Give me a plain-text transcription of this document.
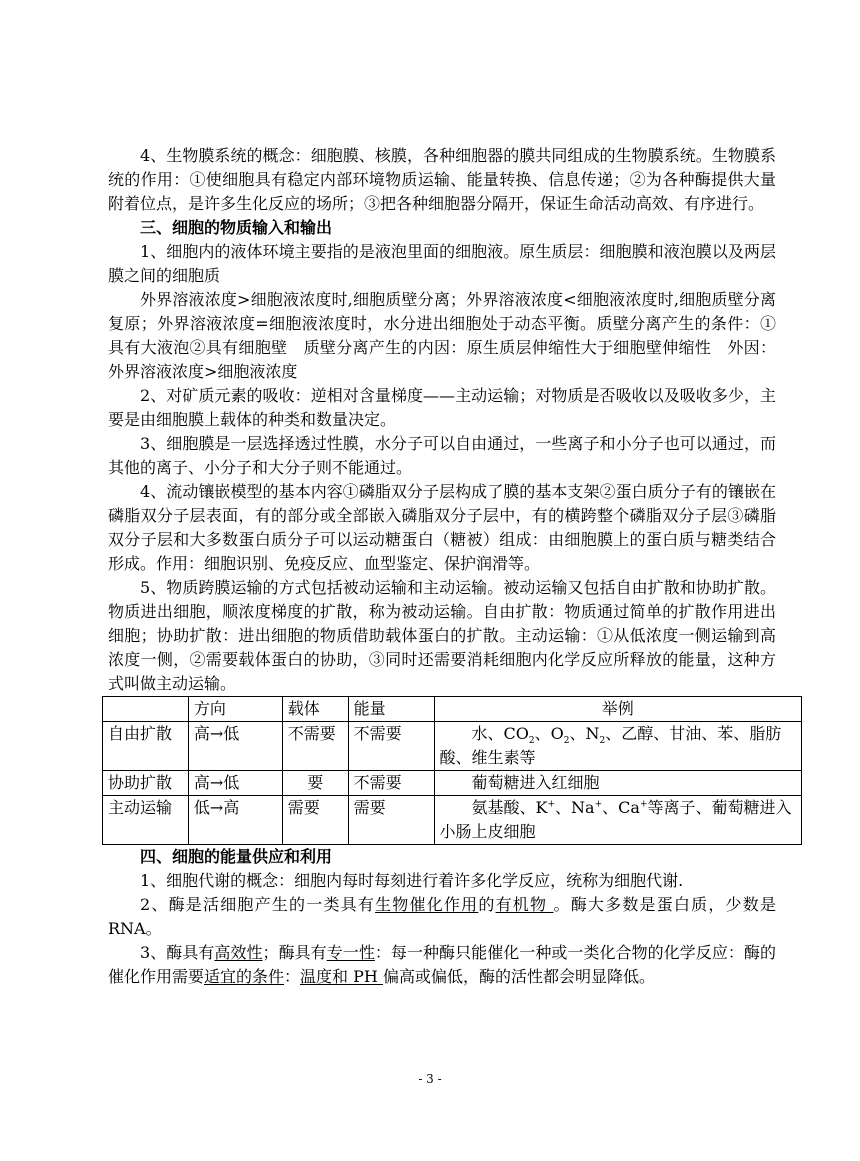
4、生物膜系统的概念：细胞膜、核膜，各种细胞器的膜共同组成的生物膜系统。生物膜系统的作用：①使细胞具有稳定内部环境物质运输、能量转换、信息传递；②为各种酶提供大量附着位点，是许多生化反应的场所；③把各种细胞器分隔开，保证生命活动高效、有序进行。

三、细胞的物质输入和输出

1、细胞内的液体环境主要指的是液泡里面的细胞液。原生质层：细胞膜和液泡膜以及两层膜之间的细胞质

外界溶液浓度>细胞液浓度时,细胞质壁分离；外界溶液浓度<细胞液浓度时,细胞质壁分离复原；外界溶液浓度=细胞液浓度时，水分进出细胞处于动态平衡。质壁分离产生的条件：①具有大液泡②具有细胞壁　质壁分离产生的内因：原生质层伸缩性大于细胞壁伸缩性　外因：外界溶液浓度>细胞液浓度

2、对矿质元素的吸收：逆相对含量梯度——主动运输；对物质是否吸收以及吸收多少，主要是由细胞膜上载体的种类和数量决定。

3、细胞膜是一层选择透过性膜，水分子可以自由通过，一些离子和小分子也可以通过，而其他的离子、小分子和大分子则不能通过。

4、流动镶嵌模型的基本内容①磷脂双分子层构成了膜的基本支架②蛋白质分子有的镶嵌在磷脂双分子层表面，有的部分或全部嵌入磷脂双分子层中，有的横跨整个磷脂双分子层③磷脂双分子层和大多数蛋白质分子可以运动糖蛋白（糖被）组成：由细胞膜上的蛋白质与糖类结合形成。作用：细胞识别、免疫反应、血型鉴定、保护润滑等。

5、物质跨膜运输的方式包括被动运输和主动运输。被动运输又包括自由扩散和协助扩散。物质进出细胞，顺浓度梯度的扩散，称为被动运输。自由扩散：物质通过简单的扩散作用进出细胞；协助扩散：进出细胞的物质借助载体蛋白的扩散。主动运输：①从低浓度一侧运输到高浓度一侧，②需要载体蛋白的协助，③同时还需要消耗细胞内化学反应所释放的能量，这种方式叫做主动运输。

	方向	载体	能量	举例
自由扩散	高→低	不需要	不需要	水、$CO_2$、$O_2$、$N_2$、乙醇、甘油、苯、脂肪酸、维生素等
协助扩散	高→低	要	不需要	葡萄糖进入红细胞
主动运输	低→高	需要	需要	氨基酸、K+、Na+、Ca+等离子、葡萄糖进入小肠上皮细胞

四、细胞的能量供应和利用

1、细胞代谢的概念：细胞内每时每刻进行着许多化学反应，统称为细胞代谢.

2、酶是活细胞产生的一类具有生物催化作用的有机物 。酶大多数是蛋白质，少数是RNA。

3、酶具有高效性；酶具有专一性：每一种酶只能催化一种或一类化合物的化学反应：酶的催化作用需要适宜的条件：温度和 PH 偏高或偏低，酶的活性都会明显降低。

- 3 -
